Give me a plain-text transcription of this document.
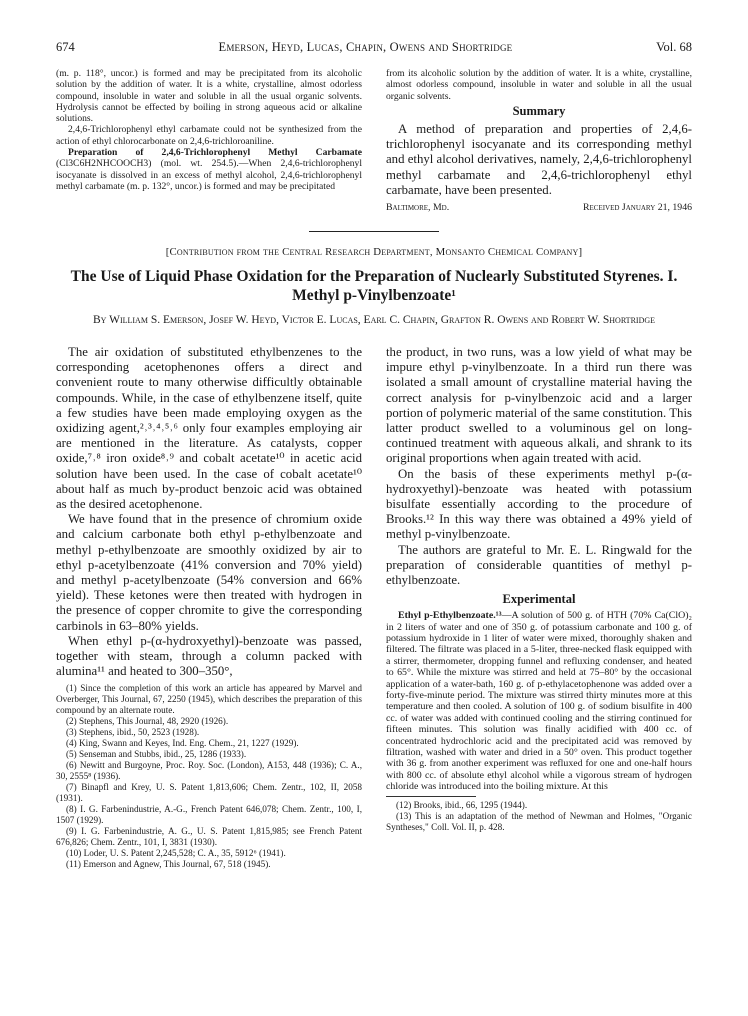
674	Emerson, Heyd, Lucas, Chapin, Owens and Shortridge	Vol. 68

(m. p. 118°, uncor.) is formed and may be precipitated from its alcoholic solution by the addition of water. It is a white, crystalline, almost odorless compound, insoluble in water and soluble in all the usual organic solvents. Hydrolysis cannot be effected by boiling in strong aqueous acid or alkaline solutions.

2,4,6-Trichlorophenyl ethyl carbamate could not be synthesized from the action of ethyl chlorocarbonate on 2,4,6-trichloroaniline.

Preparation of 2,4,6-Trichlorophenyl Methyl Carbamate (Cl3C6H2NHCOOCH3) (mol. wt. 254.5).—When 2,4,6-trichlorophenyl isocyanate is dissolved in an excess of methyl alcohol, 2,4,6-trichlorophenyl methyl carbamate (m. p. 132°, uncor.) is formed and may be precipitated

from its alcoholic solution by the addition of water. It is a white, crystalline, almost odorless compound, insoluble in water and soluble in all the usual organic solvents.

Summary

A method of preparation and properties of 2,4,6-trichlorophenyl isocyanate and its corresponding methyl and ethyl alcohol derivatives, namely, 2,4,6-trichlorophenyl methyl carbamate and 2,4,6-trichlorophenyl ethyl carbamate, have been presented.

Baltimore, Md.	Received January 21, 1946
[Contribution from the Central Research Department, Monsanto Chemical Company]
The Use of Liquid Phase Oxidation for the Preparation of Nuclearly Substituted Styrenes. I. Methyl p-Vinylbenzoate¹
By William S. Emerson, Josef W. Heyd, Victor E. Lucas, Earl C. Chapin, Grafton R. Owens and Robert W. Shortridge

The air oxidation of substituted ethylbenzenes to the corresponding acetophenones offers a direct and convenient route to many otherwise difficultly obtainable compounds. While, in the case of ethylbenzene itself, quite a few studies have been made employing oxygen as the oxidizing agent,²˒³˒⁴˒⁵˒⁶ only four examples employing air are mentioned in the literature. As catalysts, copper oxide,⁷˒⁸ iron oxide⁸˒⁹ and cobalt acetate¹⁰ in acetic acid solution have been used. In the case of cobalt acetate¹⁰ about half as much by-product benzoic acid was obtained as the desired acetophenone.

We have found that in the presence of chromium oxide and calcium carbonate both ethyl p-ethylbenzoate and methyl p-ethylbenzoate are smoothly oxidized by air to ethyl p-acetylbenzoate (41% conversion and 70% yield) and methyl p-acetylbenzoate (54% conversion and 66% yield). These ketones were then treated with hydrogen in the presence of copper chromite to give the corresponding carbinols in 63–80% yields.

When ethyl p-(α-hydroxyethyl)-benzoate was passed, together with steam, through a column packed with alumina¹¹ and heated to 300–350°,

(1) Since the completion of this work an article has appeared by Marvel and Overberger, This Journal, 67, 2250 (1945), which describes the preparation of this compound by an alternate route.

(2) Stephens, This Journal, 48, 2920 (1926).

(3) Stephens, ibid., 50, 2523 (1928).

(4) King, Swann and Keyes, Ind. Eng. Chem., 21, 1227 (1929).

(5) Senseman and Stubbs, ibid., 25, 1286 (1933).

(6) Newitt and Burgoyne, Proc. Roy. Soc. (London), A153, 448 (1936); C. A., 30, 2555⁸ (1936).

(7) Binapfl and Krey, U. S. Patent 1,813,606; Chem. Zentr., 102, II, 2058 (1931).

(8) I. G. Farbenindustrie, A.-G., French Patent 646,078; Chem. Zentr., 100, I, 1507 (1929).

(9) I. G. Farbenindustrie, A. G., U. S. Patent 1,815,985; see French Patent 676,826; Chem. Zentr., 101, I, 3831 (1930).

(10) Loder, U. S. Patent 2,245,528; C. A., 35, 5912⁶ (1941).

(11) Emerson and Agnew, This Journal, 67, 518 (1945).

the product, in two runs, was a low yield of what may be impure ethyl p-vinylbenzoate. In a third run there was isolated a small amount of crystalline material having the correct analysis for p-vinylbenzoic acid and a larger portion of polymeric material of the same constitution. This latter product swelled to a voluminous gel on long-continued treatment with aqueous alkali, and shrank to its original proportions when again treated with acid.

On the basis of these experiments methyl p-(α-hydroxyethyl)-benzoate was heated with potassium bisulfate essentially according to the procedure of Brooks.¹² In this way there was obtained a 49% yield of methyl p-vinylbenzoate.

The authors are grateful to Mr. E. L. Ringwald for the preparation of considerable quantities of methyl p-ethylbenzoate.

Experimental

Ethyl p-Ethylbenzoate.¹³—A solution of 500 g. of HTH (70% Ca(ClO)₂ in 2 liters of water and one of 350 g. of potassium carbonate and 100 g. of potassium hydroxide in 1 liter of water were mixed, thoroughly shaken and filtered. The filtrate was placed in a 5-liter, three-necked flask equipped with a stirrer, thermometer, dropping funnel and refluxing condenser, and heated to 65°. While the mixture was stirred and held at 75–80° by the occasional application of a water-bath, 160 g. of p-ethylacetophenone was added over a forty-five-minute period. The mixture was stirred thirty minutes more at this temperature and then cooled. A solution of 100 g. of sodium bisulfite in 400 cc. of water was added with continued cooling and the stirring continued for fifteen minutes. This solution was finally acidified with 400 cc. of concentrated hydrochloric acid and the precipitated acid was removed by filtration, washed with water and dried in a 50° oven. This product together with 36 g. from another experiment was refluxed for one and one-half hours with 800 cc. of absolute ethyl alcohol while a vigorous stream of hydrogen chloride was introduced into the boiling mixture. At this

(12) Brooks, ibid., 66, 1295 (1944).

(13) This is an adaptation of the method of Newman and Holmes, "Organic Syntheses," Coll. Vol. II, p. 428.
